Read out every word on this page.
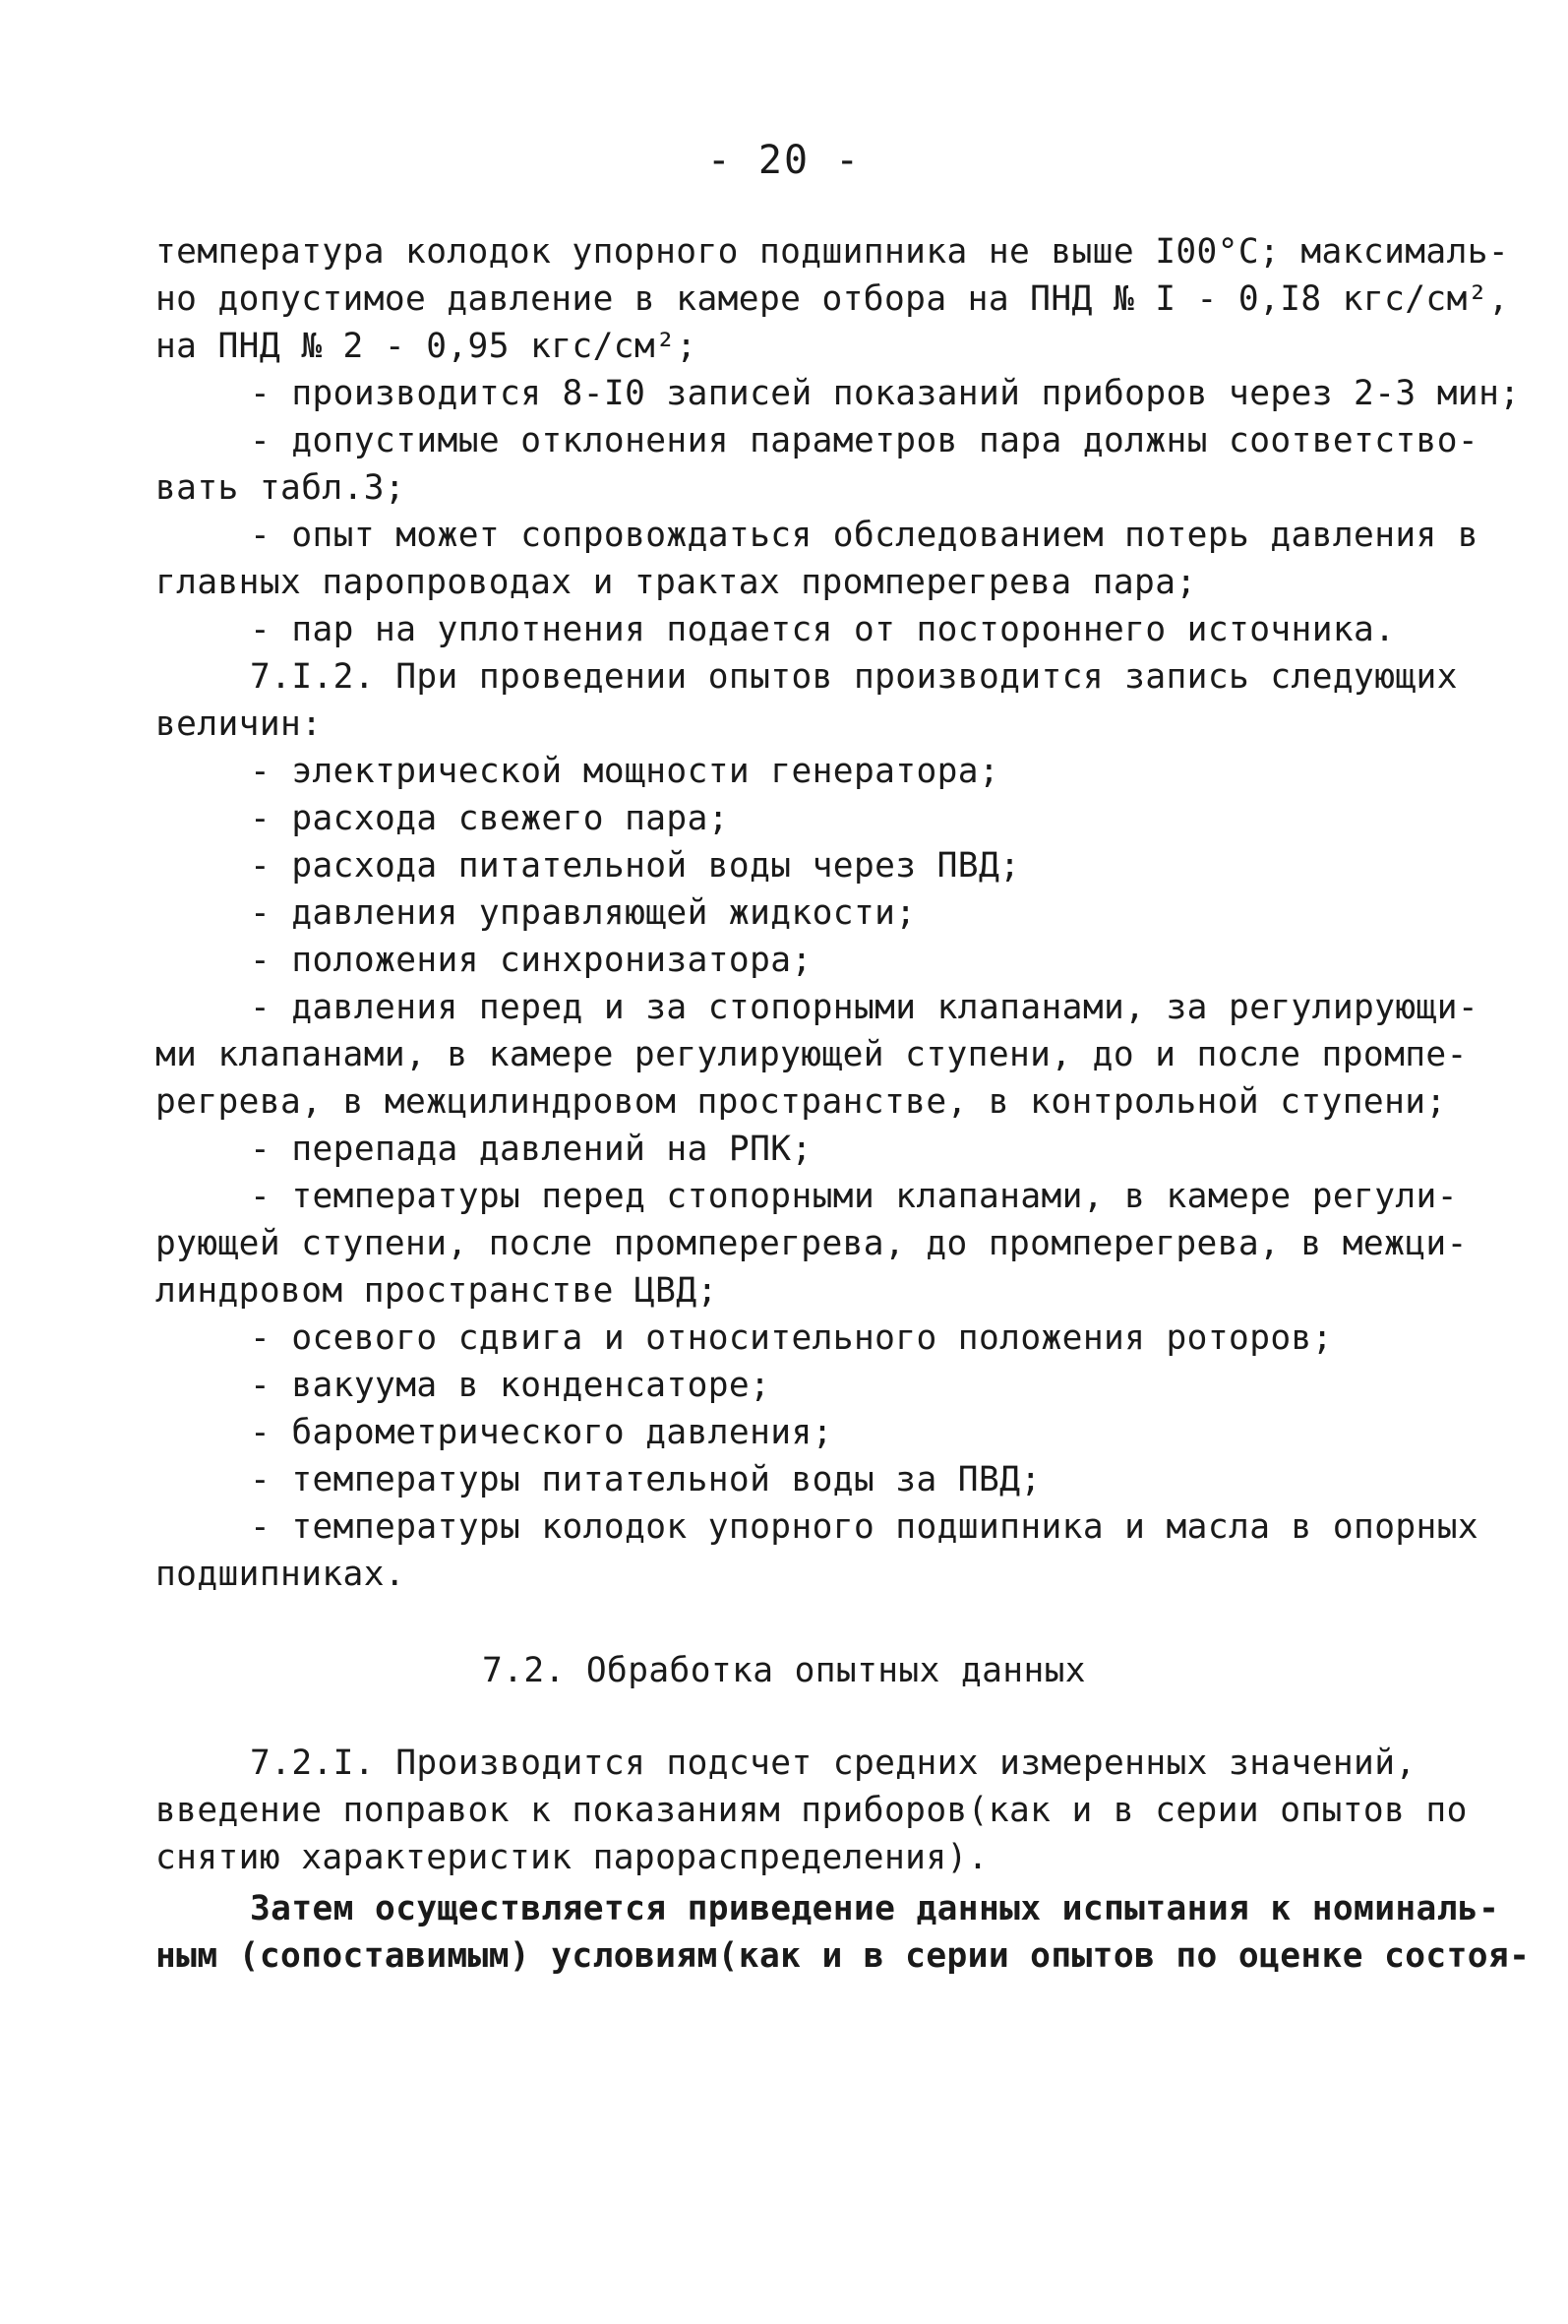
- 20 -
температура колодок упорного подшипника не выше I00°С; максималь-
но допустимое давление в камере отбора на ПНД № I - 0,I8 кгс/см²,
на ПНД № 2 - 0,95 кгс/см²;
- производится 8-I0 записей показаний приборов через 2-3 мин;
- допустимые отклонения параметров пара должны соответство-
вать табл.3;
- опыт может сопровождаться обследованием потерь давления в
главных паропроводах и трактах промперегрева пара;
- пар на уплотнения подается от постороннего источника.
7.I.2. При проведении опытов производится запись следующих
величин:
- электрической мощности генератора;
- расхода свежего пара;
- расхода питательной воды через ПВД;
- давления управляющей жидкости;
- положения синхронизатора;
- давления перед и за стопорными клапанами, за регулирующи-
ми клапанами, в камере регулирующей ступени, до и после промпе-
регрева, в межцилиндровом пространстве, в контрольной ступени;
- перепада давлений на РПК;
- температуры перед стопорными клапанами, в камере регули-
рующей ступени, после промперегрева, до промперегрева, в межци-
линдровом пространстве ЦВД;
- осевого сдвига и относительного положения роторов;
- вакуума в конденсаторе;
- барометрического давления;
- температуры питательной воды за ПВД;
- температуры колодок упорного подшипника и масла в опорных
подшипниках.
7.2. Обработка опытных данных
7.2.I. Производится подсчет средних измеренных значений,
введение поправок к показаниям приборов(как и в серии опытов по
снятию характеристик парораспределения).
Затем осуществляется приведение данных испытания к номиналь-
ным (сопоставимым) условиям(как и в серии опытов по оценке состоя-
